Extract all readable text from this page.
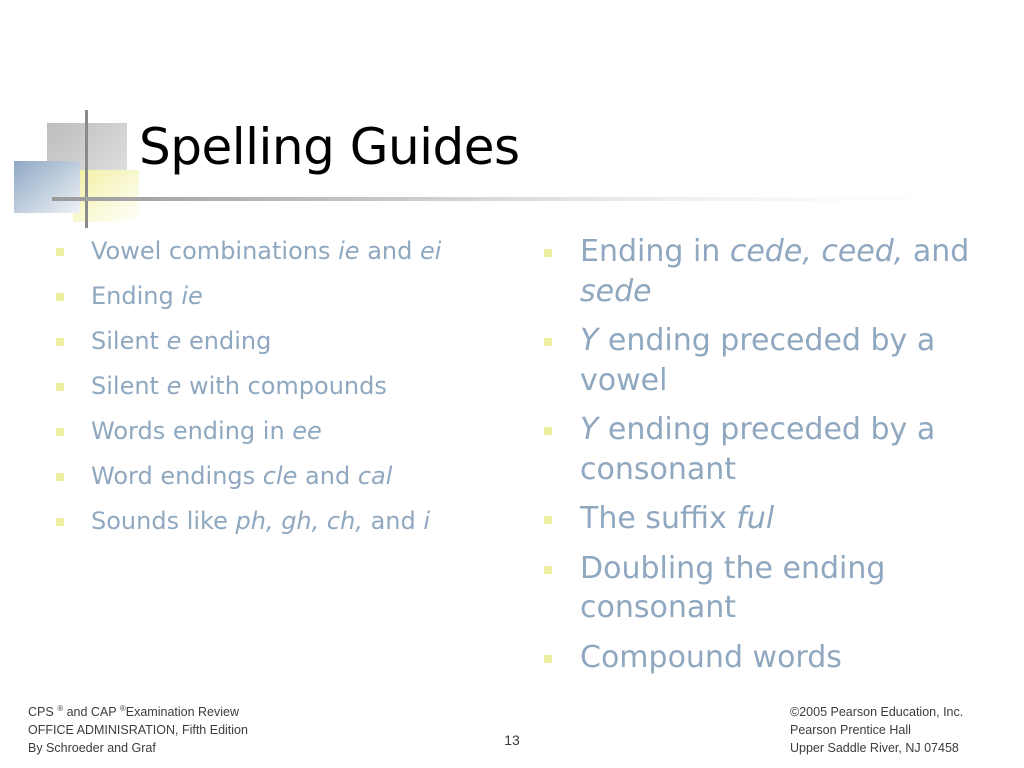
Spelling Guides
Vowel combinations ie and ei
Ending ie
Silent e ending
Silent e with compounds
Words ending in ee
Word endings cle and cal
Sounds like ph, gh, ch, and i
Ending in cede, ceed, and sede
Y ending preceded by a vowel
Y ending preceded by a consonant
The suffix ful
Doubling the ending consonant
Compound words
CPS ® and CAP ®Examination Review
OFFICE ADMINISRATION, Fifth Edition
By Schroeder and Graf	13
©2005 Pearson Education, Inc.
Pearson Prentice Hall
Upper Saddle River, NJ 07458
